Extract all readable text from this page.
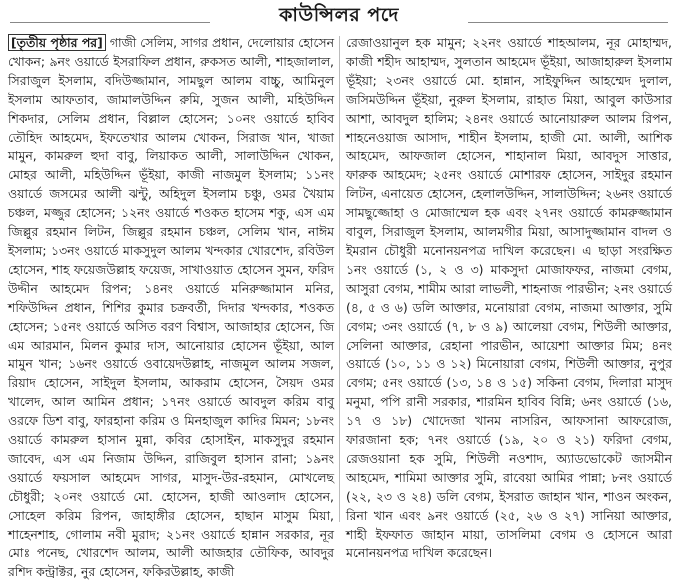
কাউন্সিলর পদে

[তৃতীয় পৃষ্ঠার পর] গাজী সেলিম, সাগর প্রধান, দেলোয়ার হোসেন খোকন; ৯নং ওয়ার্ডে ইসরাফিল প্রধান, রুকসত আলী, শাহজালাল, সিরাজুল ইসলাম, বদিউজ্জামান, সামছুল আলম বাচ্চু, আমিনুল ইসলাম আফতাব, জামালউদ্দিন রুমি, সুজন আলী, মহিউদ্দিন শিকদার, সেলিম প্রধান, বিল্লাল হোসেন; ১০নং ওয়ার্ডে হাবিব তৌহিদ আহমেদ, ইফতেখার আলম খোকন, সিরাজ খান, খাজা মামুন, কামরুল হুদা বাবু, লিয়াকত আলী, সালাউদ্দিন খোকন, মোহর আলী, মহিউদ্দিন ভূঁইয়া, কাজী নাজমুল ইসলাম; ১১নং ওয়ার্ডে জসমের আলী ঝন্টু, অহিদুল ইসলাম চঞ্চু, ওমর খৈয়াম চঞ্চল, মজ্জুর হোসেন; ১২নং ওয়ার্ডে শওকত হাসেম শকু, এস এম জিল্লুর রহমান লিটন, জিল্লুর রহমান চঞ্চল, সেলিম খান, নাঈম ইসলাম; ১৩নং ওয়ার্ডে মাকসুদুল আলম খন্দকার খোরশেদ, রবিউল হোসেন, শাহ ফয়েজউল্লাহ ফয়েজ, সাখাওয়াত হোসেন সুমন, ফরিদ উদ্দীন আহমেদ রিপন; ১৪নং ওয়ার্ডে মনিরুজ্জামান মনির, শফিউদ্দিন প্রধান, শিশির কুমার চক্রবর্তী, দিদার খন্দকার, শওকত হোসেন; ১৫নং ওয়ার্ডে অসিত বরণ বিশ্বাস, আজাহার হোসেন, জি এম আরমান, মিলন কুমার দাস, আনোয়ার হোসেন ভূঁইয়া, আল মামুন খান; ১৬নং ওয়ার্ডে ওবায়েদউল্লাহ, নাজমুল আলম সজল, রিয়াদ হোসেন, সাইদুল ইসলাম, আকরাম হোসেন, সৈয়দ ওমর খালেদ, আল আমিন প্রধান; ১৭নং ওয়ার্ডে আবদুল করিম বাবু ওরফে ডিশ বাবু, ফারহানা করিম ও মিনহাজুল কাদির মিমন; ১৮নং ওয়ার্ডে কামরুল হাসান মুন্না, কবির হোসাইন, মাকসুদুর রহমান জাবেদ, এস এম নিজাম উদ্দিন, রাজিবুল হাসান রানা; ১৯নং ওয়ার্ডে ফয়সাল আহমেদ সাগর, মাসুদ-উর-রহমান, মোখলেছ চৌধুরী; ২০নং ওয়ার্ডে মো. হোসেন, হাজী আওলাদ হোসেন, সোহেল করিম রিপন, জাহাঙ্গীর হোসেন, হাছান মাসুম মিয়া, শাহেনশাহ, গোলাম নবী মুরাদ; ২১নং ওয়ার্ডে হান্নান সরকার, নূর মোঃ পনেছ, খোরশেদ আলম, আলী আজহার তৌফিক, আবদুর রশিদ কন্ট্রাক্টর, নুর হোসেন, ফকিরউল্লাহ, কাজী

রেজাওয়ানুল হক মামুন; ২২নং ওয়ার্ডে শাহআলম, নূর মোহাম্মদ, কাজী শহীদ আহাম্মদ, সুলতান আহমেদ ভূঁইয়া, আজাহারুল ইসলাম ভূঁইয়া; ২৩নং ওয়ার্ডে মো. হান্নান, সাইফুদ্দিন আহম্মেদ দুলাল, জসিমউদ্দিন ভূঁইয়া, নুরুল ইসলাম, রাহাত মিয়া, আবুল কাউসার আশা, আবদুল হালিম; ২৪নং ওয়ার্ডে আনোয়ারুল আলম রিপন, শাহনেওয়াজ আসাদ, শাহীন ইসলাম, হাজী মো. আলী, আশিক আহমেদ, আফজাল হোসেন, শাহানাল মিয়া, আবদুস সাত্তার, ফারুক আহমেদ; ২৫নং ওয়ার্ডে মোশারফ হোসেন, সাইদুর রহমান লিটন, এনায়েত হোসেন, হেলালউদ্দিন, সালাউদ্দিন; ২৬নং ওয়ার্ডে সামছুজ্জোহা ও মোজাম্মেল হক এবং ২৭নং ওয়ার্ডে কামরুজ্জামান বাবুল, সিরাজুল ইসলাম, আলমগীর মিয়া, আসাদুজ্জামান বাদল ও ইমরান চৌধুরী মনোনয়নপত্র দাখিল করেছেন। এ ছাড়া সংরক্ষিত ১নং ওয়ার্ডে (১, ২ ও ৩) মাকসুদা মোজাফফর, নাজমা বেগম, আসুরা বেগম, শামীম আরা লাভলী, শাহনাজ পারভীন; ২নং ওয়ার্ডে (৪, ৫ ও ৬) ডলি আক্তার, মনোয়ারা বেগম, নাজমা আক্তার, সুমি বেগম; ৩নং ওয়ার্ডে (৭, ৮ ও ৯) আলেয়া বেগম, শিউলী আক্তার, সেলিনা আক্তার, রেহানা পারভীন, আয়েশা আক্তার মিম; ৪নং ওয়ার্ডে (১০, ১১ ও ১২) মিনোয়ারা বেগম, শিউলী আক্তার, নুপুর বেগম; ৫নং ওয়ার্ডে (১৩, ১৪ ও ১৫) সকিনা বেগম, দিলারা মাসুদ মনুমা, পপি রানী সরকার, শারমিন হাবিব বিন্নি; ৬নং ওয়ার্ডে (১৬, ১৭ ও ১৮) খোদেজা খানম নাসরিন, আফসানা আফরোজ, ফারজানা হক; ৭নং ওয়ার্ডে (১৯, ২০ ও ২১) ফরিদা বেগম, রেজওয়ানা হক সুমি, শিউলী নওশাদ, অ্যাডভোকেট জাসমীন আহমেদ, শামিমা আক্তার সুমি, রাবেয়া আমির পান্না; ৮নং ওয়ার্ডে (২২, ২৩ ও ২৪) ডলি বেগম, ইসরাত জাহান খান, শাওন অংকন, রিনা খান এবং ৯নং ওয়ার্ডে (২৫, ২৬ ও ২৭) সানিয়া আক্তার, শাহী ইফফাত জাহান মায়া, তাসলিমা বেগম ও হোসনে আরা মনোনয়নপত্র দাখিল করেছেন।
